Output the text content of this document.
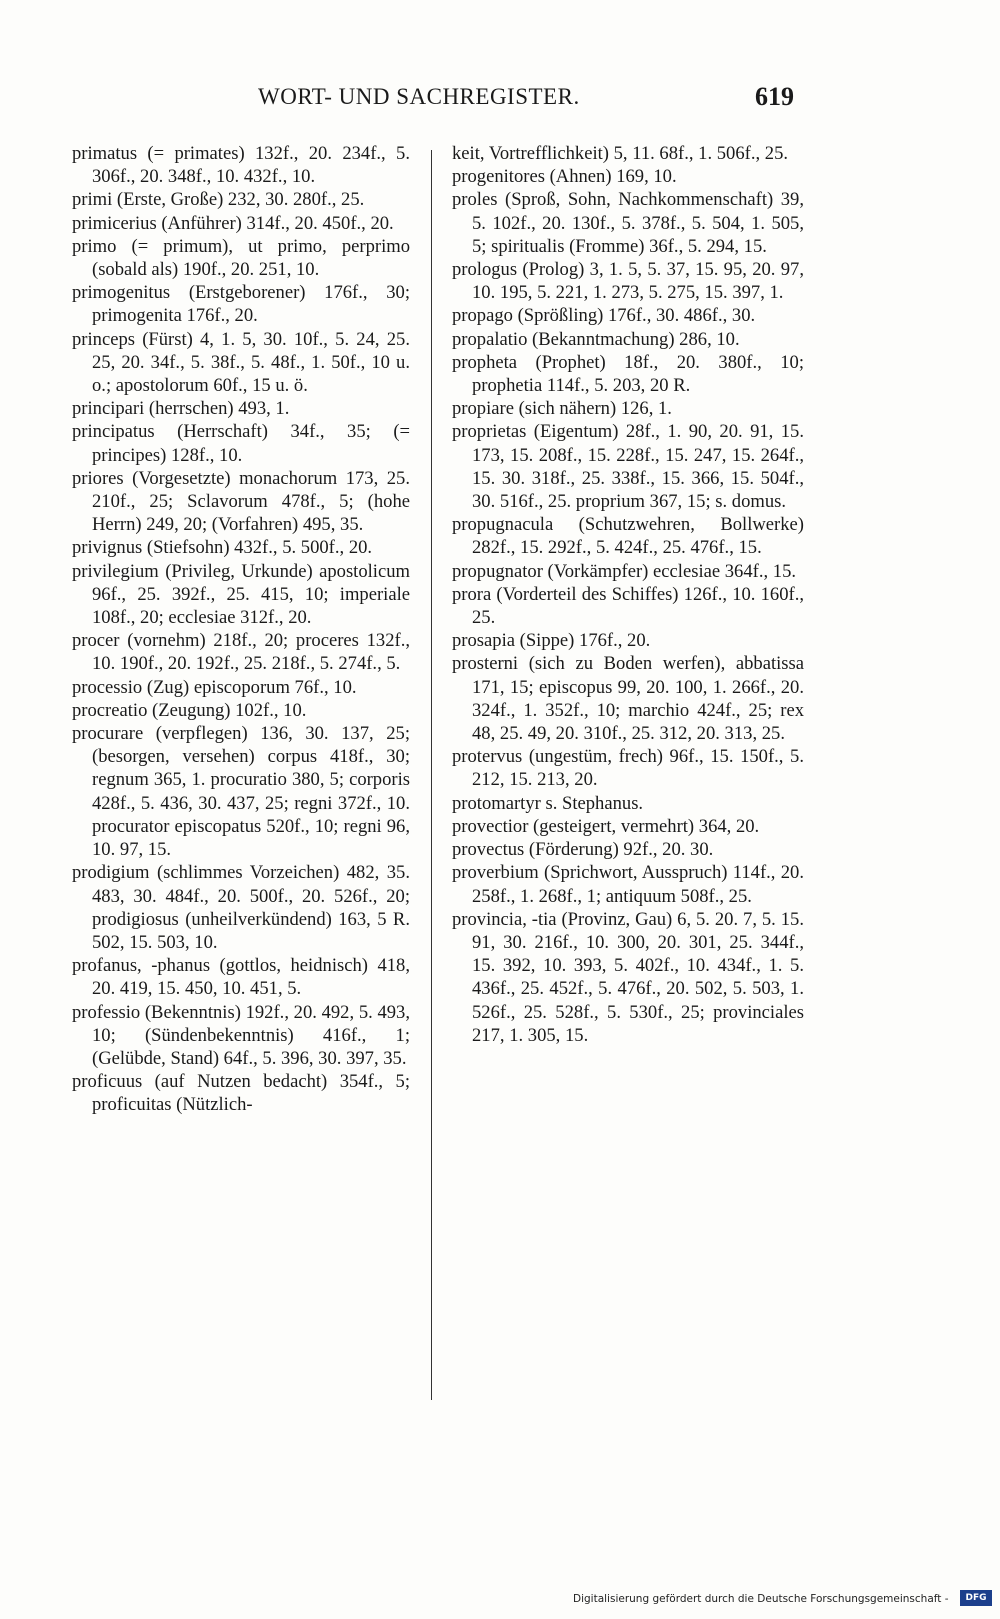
WORT- UND SACHREGISTER.	619

primatus (= primates) 132f., 20. 234f., 5. 306f., 20. 348f., 10. 432f., 10.

primi (Erste, Große) 232, 30. 280f., 25.

primicerius (Anführer) 314f., 20. 450f., 20.

primo (= primum), ut primo, perprimo (sobald als) 190f., 20. 251, 10.

primogenitus (Erstgeborener) 176f., 30; primogenita 176f., 20.

princeps (Fürst) 4, 1. 5, 30. 10f., 5. 24, 25. 25, 20. 34f., 5. 38f., 5. 48f., 1. 50f., 10 u. o.; apostolorum 60f., 15 u. ö.

principari (herrschen) 493, 1.

principatus (Herrschaft) 34f., 35; (= principes) 128f., 10.

priores (Vorgesetzte) monachorum 173, 25. 210f., 25; Sclavorum 478f., 5; (hohe Herrn) 249, 20; (Vorfahren) 495, 35.

privignus (Stiefsohn) 432f., 5. 500f., 20.

privilegium (Privileg, Urkunde) apostolicum 96f., 25. 392f., 25. 415, 10; imperiale 108f., 20; ecclesiae 312f., 20.

procer (vornehm) 218f., 20; proceres 132f., 10. 190f., 20. 192f., 25. 218f., 5. 274f., 5.

processio (Zug) episcoporum 76f., 10.

procreatio (Zeugung) 102f., 10.

procurare (verpflegen) 136, 30. 137, 25; (besorgen, versehen) corpus 418f., 30; regnum 365, 1. procuratio 380, 5; corporis 428f., 5. 436, 30. 437, 25; regni 372f., 10. procurator episcopatus 520f., 10; regni 96, 10. 97, 15.

prodigium (schlimmes Vorzeichen) 482, 35. 483, 30. 484f., 20. 500f., 20. 526f., 20; prodigiosus (unheilverkündend) 163, 5 R. 502, 15. 503, 10.

profanus, -phanus (gottlos, heidnisch) 418, 20. 419, 15. 450, 10. 451, 5.

professio (Bekenntnis) 192f., 20. 492, 5. 493, 10; (Sündenbekenntnis) 416f., 1; (Gelübde, Stand) 64f., 5. 396, 30. 397, 35.

proficuus (auf Nutzen bedacht) 354f., 5; proficuitas (Nützlich-

keit, Vortrefflichkeit) 5, 11. 68f., 1. 506f., 25.

progenitores (Ahnen) 169, 10.

proles (Sproß, Sohn, Nachkommenschaft) 39, 5. 102f., 20. 130f., 5. 378f., 5. 504, 1. 505, 5; spiritualis (Fromme) 36f., 5. 294, 15.

prologus (Prolog) 3, 1. 5, 5. 37, 15. 95, 20. 97, 10. 195, 5. 221, 1. 273, 5. 275, 15. 397, 1.

propago (Sprößling) 176f., 30. 486f., 30.

propalatio (Bekanntmachung) 286, 10.

propheta (Prophet) 18f., 20. 380f., 10; prophetia 114f., 5. 203, 20 R.

propiare (sich nähern) 126, 1.

proprietas (Eigentum) 28f., 1. 90, 20. 91, 15. 173, 15. 208f., 15. 228f., 15. 247, 15. 264f., 15. 30. 318f., 25. 338f., 15. 366, 15. 504f., 30. 516f., 25. proprium 367, 15; s. domus.

propugnacula (Schutzwehren, Bollwerke) 282f., 15. 292f., 5. 424f., 25. 476f., 15.

propugnator (Vorkämpfer) ecclesiae 364f., 15.

prora (Vorderteil des Schiffes) 126f., 10. 160f., 25.

prosapia (Sippe) 176f., 20.

prosterni (sich zu Boden werfen), abbatissa 171, 15; episcopus 99, 20. 100, 1. 266f., 20. 324f., 1. 352f., 10; marchio 424f., 25; rex 48, 25. 49, 20. 310f., 25. 312, 20. 313, 25.

protervus (ungestüm, frech) 96f., 15. 150f., 5. 212, 15. 213, 20.

protomartyr s. Stephanus.

provectior (gesteigert, vermehrt) 364, 20.

provectus (Förderung) 92f., 20. 30.

proverbium (Sprichwort, Ausspruch) 114f., 20. 258f., 1. 268f., 1; antiquum 508f., 25.

provincia, -tia (Provinz, Gau) 6, 5. 20. 7, 5. 15. 91, 30. 216f., 10. 300, 20. 301, 25. 344f., 15. 392, 10. 393, 5. 402f., 10. 434f., 1. 5. 436f., 25. 452f., 5. 476f., 20. 502, 5. 503, 1. 526f., 25. 528f., 5. 530f., 25; provinciales 217, 1. 305, 15.

Digitalisierung gefördert durch die Deutsche Forschungsgemeinschaft -	DFG
